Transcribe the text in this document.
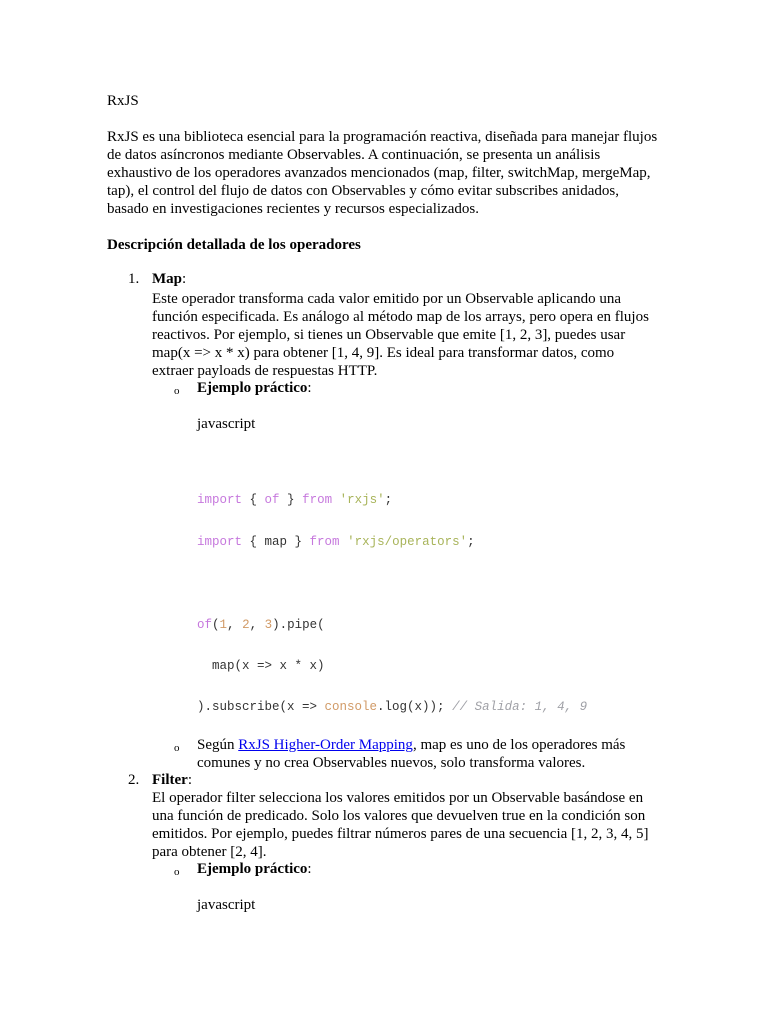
RxJS
RxJS es una biblioteca esencial para la programación reactiva, diseñada para manejar flujos
de datos asíncronos mediante Observables. A continuación, se presenta un análisis
exhaustivo de los operadores avanzados mencionados (map, filter, switchMap, mergeMap,
tap), el control del flujo de datos con Observables y cómo evitar subscribes anidados,
basado en investigaciones recientes y recursos especializados.
Descripción detallada de los operadores
1. Map:
Este operador transforma cada valor emitido por un Observable aplicando una
función especificada. Es análogo al método map de los arrays, pero opera en flujos
reactivos. Por ejemplo, si tienes un Observable que emite [1, 2, 3], puedes usar
map(x => x * x) para obtener [1, 4, 9]. Es ideal para transformar datos, como
extraer payloads de respuestas HTTP.
o Ejemplo práctico:
javascript
import { of } from 'rxjs';
import { map } from 'rxjs/operators';
of(1, 2, 3).pipe(
map(x => x * x)
).subscribe(x => console.log(x)); // Salida: 1, 4, 9
o Según RxJS Higher-Order Mapping, map es uno de los operadores más
comunes y no crea Observables nuevos, solo transforma valores.
2. Filter:
El operador filter selecciona los valores emitidos por un Observable basándose en
una función de predicado. Solo los valores que devuelven true en la condición son
emitidos. Por ejemplo, puedes filtrar números pares de una secuencia [1, 2, 3, 4, 5]
para obtener [2, 4].
o Ejemplo práctico:
javascript
